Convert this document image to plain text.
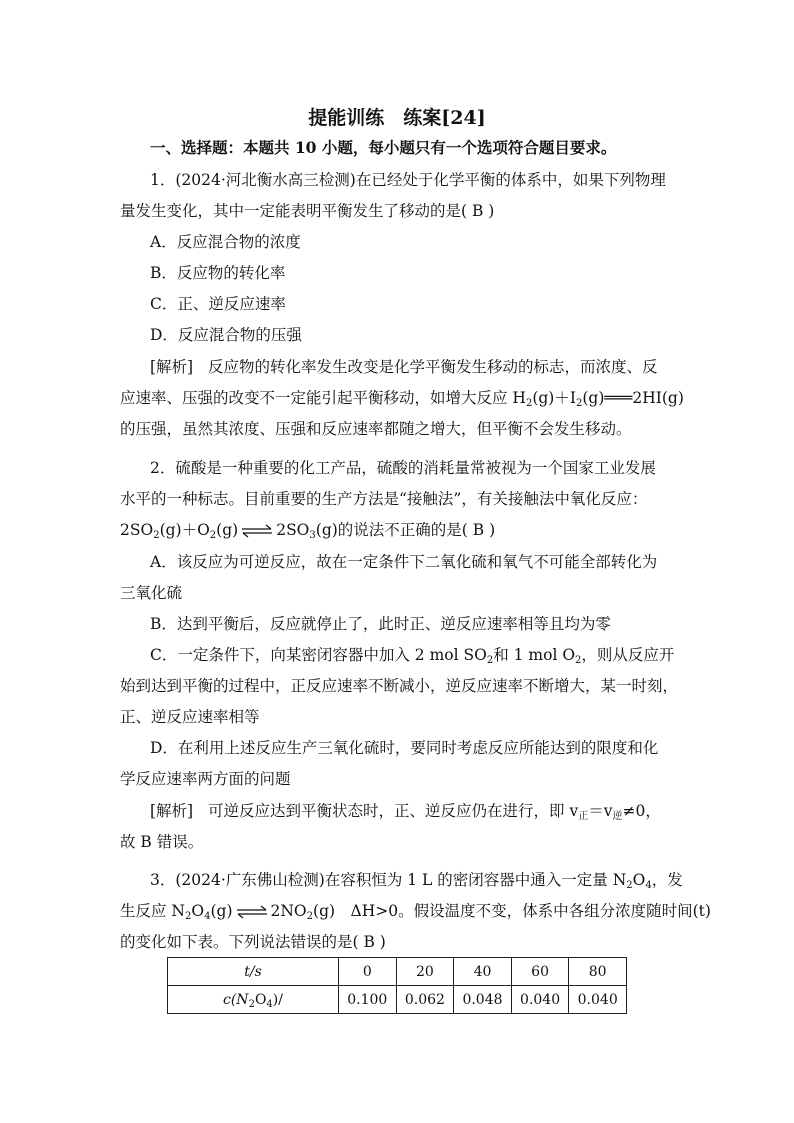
提能训练　练案[24]
一、选择题：本题共 10 小题，每小题只有一个选项符合题目要求。
1．(2024·河北衡水高三检测)在已经处于化学平衡的体系中，如果下列物理
量发生变化，其中一定能表明平衡发生了移动的是( B )
A．反应混合物的浓度
B．反应物的转化率
C．正、逆反应速率
D．反应混合物的压强
[解析] 反应物的转化率发生改变是化学平衡发生移动的标志，而浓度、反
应速率、压强的改变不一定能引起平衡移动，如增大反应 $H_2(g)+I_2(g)═══2HI(g)$
的压强，虽然其浓度、压强和反应速率都随之增大，但平衡不会发生移动。
2．硫酸是一种重要的化工产品，硫酸的消耗量常被视为一个国家工业发展
水平的一种标志。目前重要的生产方法是“接触法”，有关接触法中氧化反应：
$2SO_2(g)+O_2(g)$ ⇌ $2SO_3(g)$的说法不正确的是( B )
A．该反应为可逆反应，故在一定条件下二氧化硫和氧气不可能全部转化为
三氧化硫
B．达到平衡后，反应就停止了，此时正、逆反应速率相等且均为零
C．一定条件下，向某密闭容器中加入 2 mol $SO_2$和 1 mol $O_2$，则从反应开
始到达到平衡的过程中，正反应速率不断减小，逆反应速率不断增大，某一时刻，
正、逆反应速率相等
D．在利用上述反应生产三氧化硫时，要同时考虑反应所能达到的限度和化
学反应速率两方面的问题
[解析] 可逆反应达到平衡状态时，正、逆反应仍在进行，即 $v_正=v_逆\ne 0$，
故 B 错误。
3．(2024·广东佛山检测)在容积恒为 1 L 的密闭容器中通入一定量 $N_2O_4$，发
生反应 $N_2O_4(g)$ ⇌ $2NO_2(g)$　ΔH>0。假设温度不变，体系中各组分浓度随时间(t)
的变化如下表。下列说法错误的是( B )
t/s	0	20	40	60	80
$c(N_2O_4)/$	0.100	0.062	0.048	0.040	0.040
